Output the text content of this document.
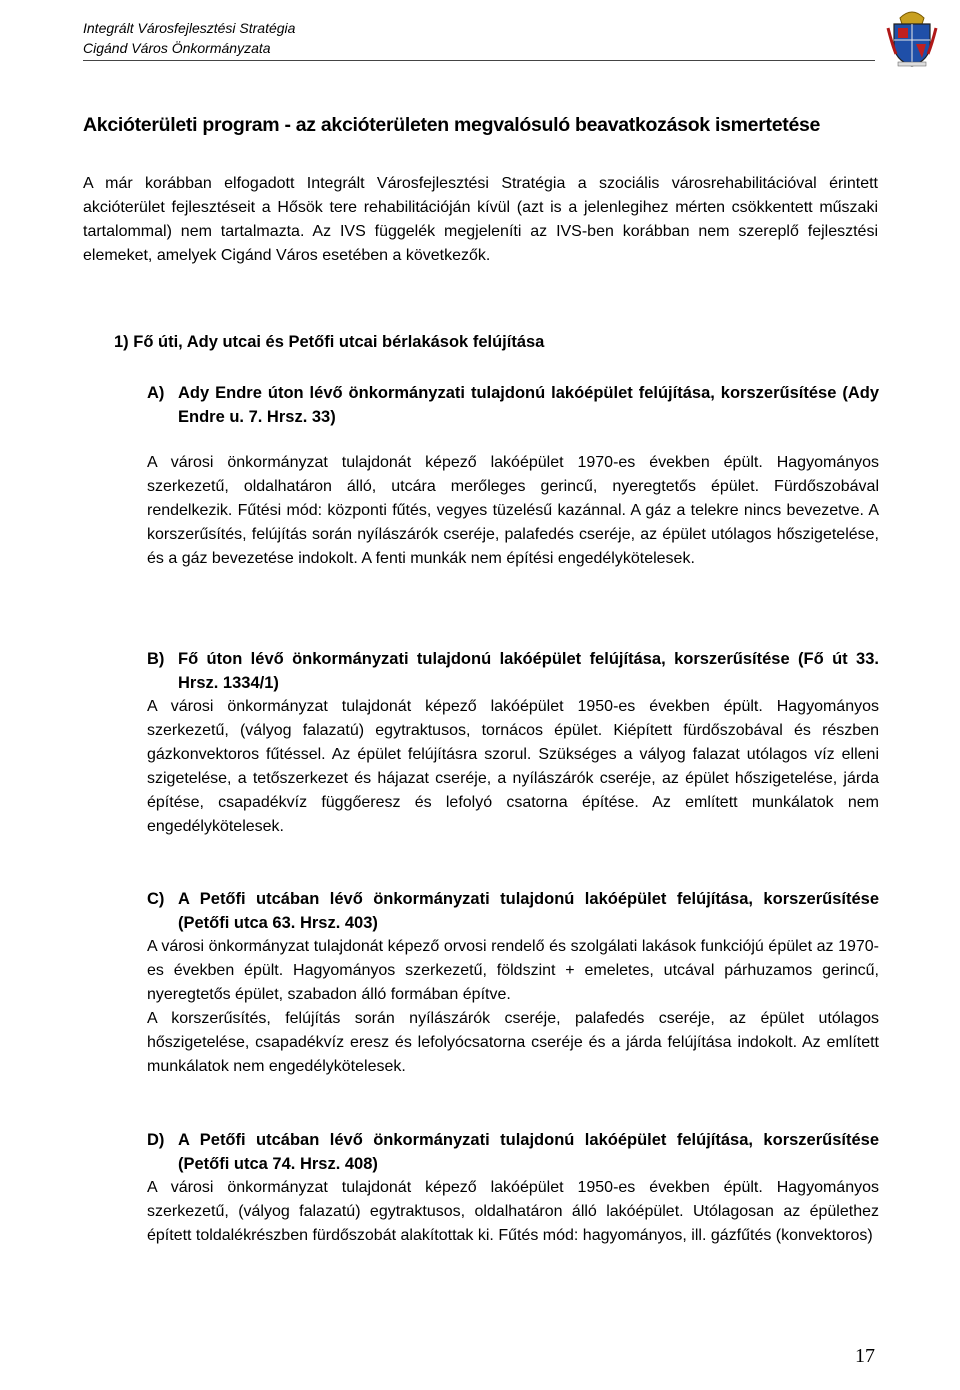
Integrált Városfejlesztési Stratégia
Cigánd Város Önkormányzata
Akcióterületi program - az akcióterületen megvalósuló beavatkozások ismertetése
A már korábban elfogadott Integrált Városfejlesztési Stratégia a szociális városrehabilitációval érintett akcióterület fejlesztéseit a Hősök tere rehabilitációján kívül (azt is a jelenlegihez mérten csökkentett műszaki tartalommal) nem tartalmazta. Az IVS függelék megjeleníti az IVS-ben korábban nem szereplő fejlesztési elemeket, amelyek Cigánd Város esetében a következők.
1) Fő úti, Ady utcai és Petőfi utcai bérlakások felújítása
A) Ady Endre úton lévő önkormányzati tulajdonú lakóépület felújítása, korszerűsítése (Ady Endre u. 7. Hrsz. 33)

A városi önkormányzat tulajdonát képező lakóépület 1970-es években épült. Hagyományos szerkezetű, oldalhatáron álló, utcára merőleges gerincű, nyeregtetős épület. Fürdőszobával rendelkezik. Fűtési mód: központi fűtés, vegyes tüzelésű kazánnal. A gáz a telekre nincs bevezetve. A korszerűsítés, felújítás során nyílászárók cseréje, palafedés cseréje, az épület utólagos hőszigetelése, és a gáz bevezetése indokolt. A fenti munkák nem építési engedélykötelesek.

B) Fő úton lévő önkormányzati tulajdonú lakóépület felújítása, korszerűsítése (Fő út 33. Hrsz. 1334/1)

A városi önkormányzat tulajdonát képező lakóépület 1950-es években épült. Hagyományos szerkezetű, (vályog falazatú) egytraktusos, tornácos épület. Kiépített fürdőszobával és részben gázkonvektoros fűtéssel. Az épület felújításra szorul. Szükséges a vályog falazat utólagos víz elleni szigetelése, a tetőszerkezet és hájazat cseréje, a nyílászárók cseréje, az épület hőszigetelése, járda építése, csapadékvíz függőeresz és lefolyó csatorna építése. Az említett munkálatok nem engedélykötelesek.

C) A Petőfi utcában lévő önkormányzati tulajdonú lakóépület felújítása, korszerűsítése (Petőfi utca 63. Hrsz. 403)

A városi önkormányzat tulajdonát képező orvosi rendelő és szolgálati lakások funkciójú épület az 1970-es években épült. Hagyományos szerkezetű, földszint + emeletes, utcával párhuzamos gerincű, nyeregtetős épület, szabadon álló formában építve.

A korszerűsítés, felújítás során nyílászárók cseréje, palafedés cseréje, az épület utólagos hőszigetelése, csapadékvíz eresz és lefolyócsatorna cseréje és a járda felújítása indokolt. Az említett munkálatok nem engedélykötelesek.

D) A Petőfi utcában lévő önkormányzati tulajdonú lakóépület felújítása, korszerűsítése (Petőfi utca 74. Hrsz. 408)

A városi önkormányzat tulajdonát képező lakóépület 1950-es években épült. Hagyományos szerkezetű, (vályog falazatú) egytraktusos, oldalhatáron álló lakóépület. Utólagosan az épülethez épített toldalékrészben fürdőszobát alakítottak ki. Fűtés mód: hagyományos, ill. gázfűtés (konvektoros)

17
